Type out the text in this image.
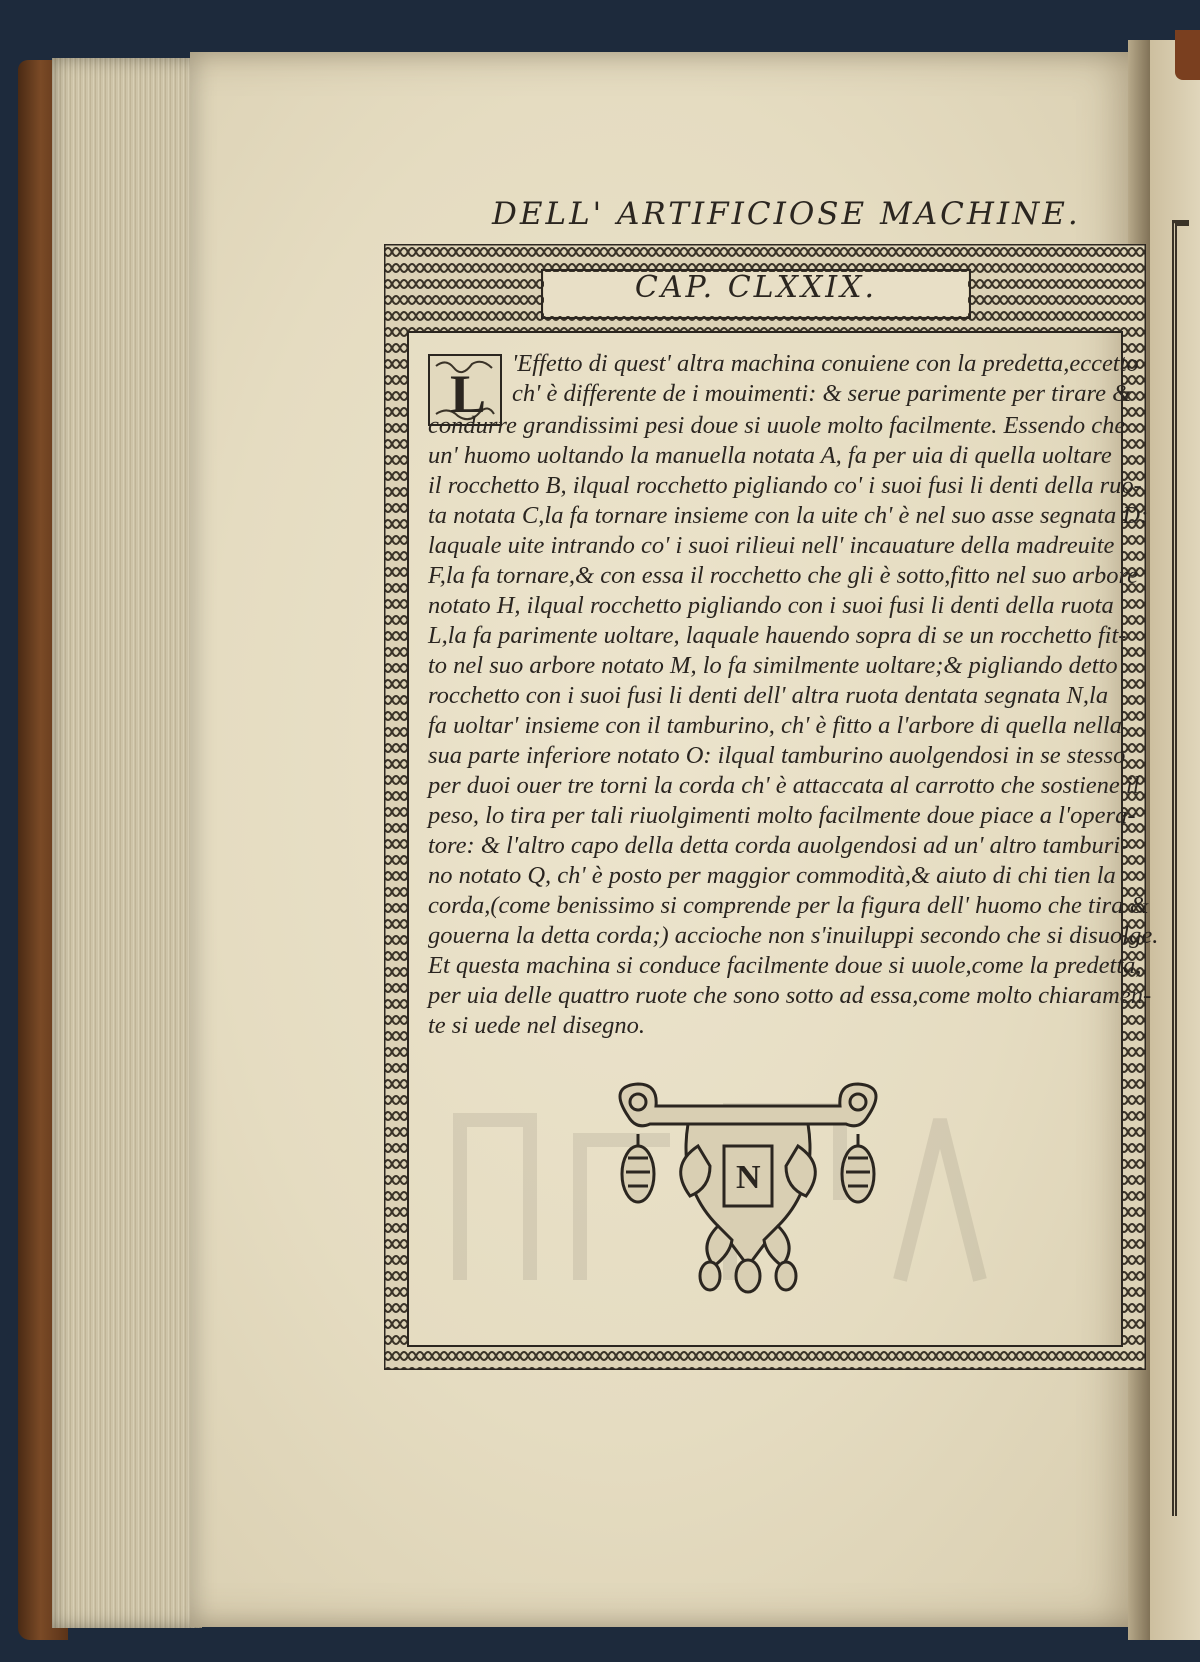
DELL' ARTIFICIOSE MACHINE.
CAP. CLXXIX.
L
'Effetto di quest' altra machina conuiene con la predetta,eccetto
ch' è differente de i mouimenti: & serue parimente per tirare &
condurre grandissimi pesi doue si uuole molto facilmente. Essendo che
un' huomo uoltando la manuella notata A, fa per uia di quella uoltare
il rocchetto B, ilqual rocchetto pigliando co' i suoi fusi li denti della ruo-
ta notata C,la fa tornare insieme con la uite ch' è nel suo asse segnata D:
laquale uite intrando co' i suoi rilieui nell' incauature della madreuite
F,la fa tornare,& con essa il rocchetto che gli è sotto,fitto nel suo arbore
notato H, ilqual rocchetto pigliando con i suoi fusi li denti della ruota
L,la fa parimente uoltare, laquale hauendo sopra di se un rocchetto fit-
to nel suo arbore notato M, lo fa similmente uoltare;& pigliando detto
rocchetto con i suoi fusi li denti dell' altra ruota dentata segnata N,la
fa uoltar' insieme con il tamburino, ch' è fitto a l'arbore di quella nella
sua parte inferiore notato O: ilqual tamburino auolgendosi in se stesso
per duoi ouer tre torni la corda ch' è attaccata al carrotto che sostiene il
peso, lo tira per tali riuolgimenti molto facilmente doue piace a l'opera-
tore: & l'altro capo della detta corda auolgendosi ad un' altro tamburi-
no notato Q, ch' è posto per maggior commodità,& aiuto di chi tien la
corda,(come benissimo si comprende per la figura dell' huomo che tira &
gouerna la detta corda;) accioche non s'inuiluppi secondo che si disuolge.
Et questa machina si conduce facilmente doue si uuole,come la predetta,
per uia delle quattro ruote che sono sotto ad essa,come molto chiaramen-
te si uede nel disegno.
N
